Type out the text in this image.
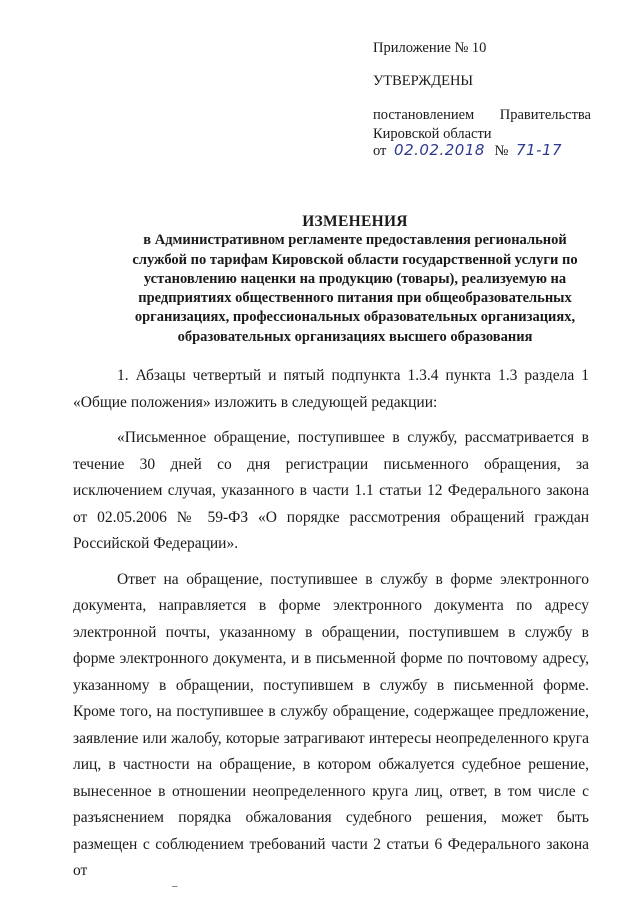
Приложение № 10
УТВЕРЖДЕНЫ
постановлением Правительства
Кировской области
от 02.02.2018 № 71-17
ИЗМЕНЕНИЯ
в Административном регламенте предоставления региональной
службой по тарифам Кировской области государственной услуги по
установлению наценки на продукцию (товары), реализуемую на
предприятиях общественного питания при общеобразовательных
организациях, профессиональных образовательных организациях,
образовательных организациях высшего образования

1. Абзацы четвертый и пятый подпункта 1.3.4 пункта 1.3 раздела 1 «Общие положения» изложить в следующей редакции:

«Письменное обращение, поступившее в службу, рассматривается в течение 30 дней со дня регистрации письменного обращения, за исключением случая, указанного в части 1.1 статьи 12 Федерального закона от 02.05.2006 № 59-ФЗ «О порядке рассмотрения обращений граждан Российской Федерации».

Ответ на обращение, поступившее в службу в форме электронного документа, направляется в форме электронного документа по адресу электронной почты, указанному в обращении, поступившем в службу в форме электронного документа, и в письменной форме по почтовому адресу, указанному в обращении, поступившем в службу в письменной форме. Кроме того, на поступившее в службу обращение, содержащее предложение, заявление или жалобу, которые затрагивают интересы неопределенного круга лиц, в частности на обращение, в котором обжалуется судебное решение, вынесенное в отношении неопределенного круга лиц, ответ, в том числе с разъяснением порядка обжалования судебного решения, может быть размещен с соблюдением требований части 2 статьи 6 Федерального закона от

–
